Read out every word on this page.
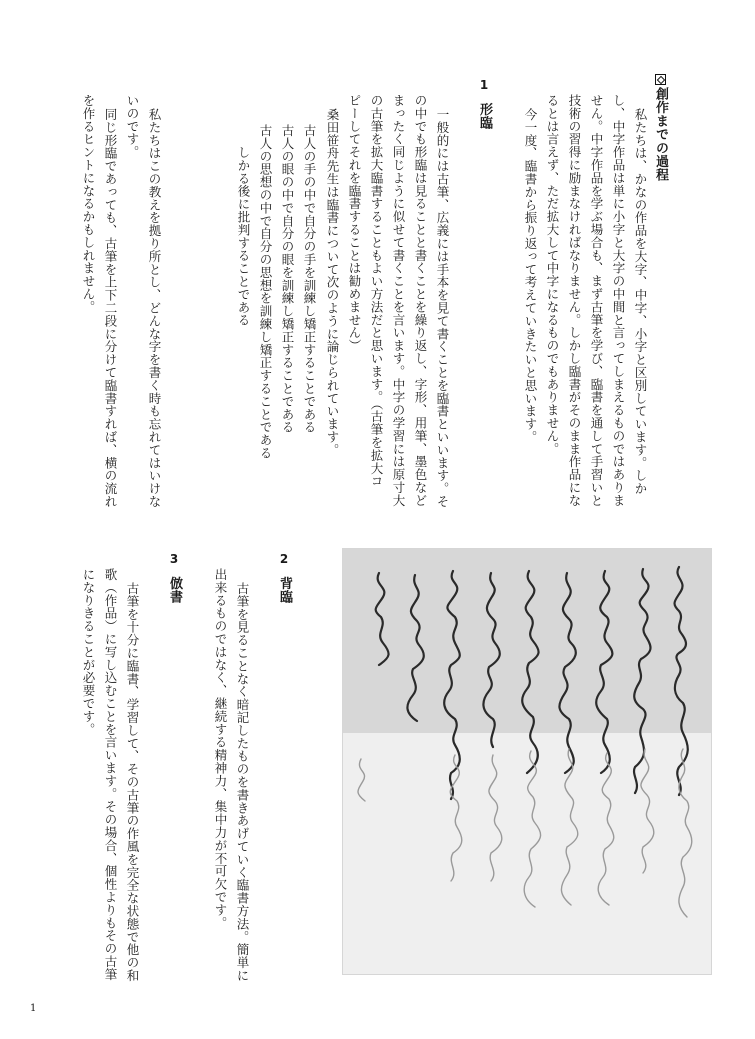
創作までの過程
私たちは、かなの作品を大字、中字、小字と区別しています。しか
し、中字作品は単に小字と大字の中間と言ってしまえるものではありま
せん。中字作品を学ぶ場合も、まず古筆を学び、臨書を通して手習いと
技術の習得に励まなければなりません。しかし臨書がそのまま作品にな
るとは言えず、ただ拡大して中字になるものでもありません。
今一度、臨書から振り返って考えていきたいと思います。
1形臨
一般的には古筆、広義には手本を見て書くことを臨書といいます。そ
の中でも形臨は見ることと書くことを繰り返し、字形、用筆、墨色など
まったく同じように似せて書くことを言います。中字の学習には原寸大
の古筆を拡大臨書することもよい方法だと思います。（古筆を拡大コ
ピーしてそれを臨書することは勧めません）
桑田笹舟先生は臨書について次のように論じられています。
古人の手の中で自分の手を訓練し矯正することである
古人の眼の中で自分の眼を訓練し矯正することである
古人の思想の中で自分の思想を訓練し矯正することである
しかる後に批判することである
私たちはこの教えを拠り所とし、どんな字を書く時も忘れてはいけな
いのです。
同じ形臨であっても、古筆を上下二段に分けて臨書すれば、横の流れ
を作るヒントになるかもしれません。
2背臨
古筆を見ることなく暗記したものを書きあげていく臨書方法。簡単に
出来るものではなく、継続する精神力、集中力が不可欠です。
3倣書
古筆を十分に臨書、学習して、その古筆の作風を完全な状態で他の和
歌（作品）に写し込むことを言います。その場合、個性よりもその古筆
になりきることが必要です。
1
